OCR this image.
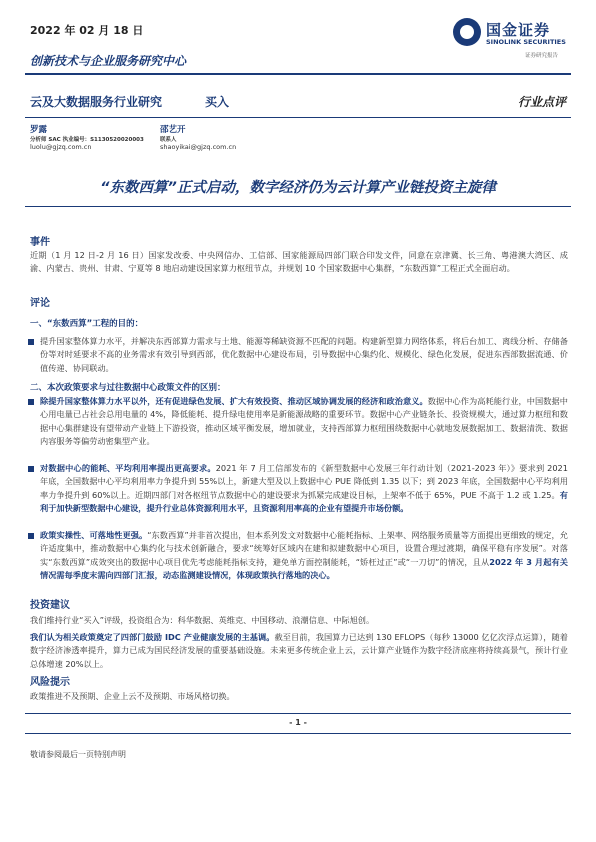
2022 年 02 月 18 日	国金证券
SINOLINK SECURITIES
证券研究报告
创新技术与企业服务研究中心
云及大数据服务行业研究	买入	行业点评
罗露
分析师 SAC 执业编号：S1130520020003
luolu@gjzq.com.cn
邵艺开
联系人
shaoyikai@gjzq.com.cn
“东数西算”正式启动，数字经济仍为云计算产业链投资主旋律
事件
近期（1 月 12 日-2 月 16 日）国家发改委、中央网信办、工信部、国家能源局四部门联合印发文件，同意在京津冀、长三角、粤港澳大湾区、成渝、内蒙古、贵州、甘肃、宁夏等 8 地启动建设国家算力枢纽节点，并规划 10 个国家数据中心集群，“东数西算”工程正式全面启动。
评论
一、“东数西算”工程的目的：
提升国家整体算力水平，并解决东西部算力需求与土地、能源等稀缺资源不匹配的问题。构建新型算力网络体系，将后台加工、离线分析、存储备份等对时延要求不高的业务需求有效引导到西部，优化数据中心建设布局，引导数据中心集约化、规模化、绿色化发展，促进东西部数据流通、价值传递、协同联动。
二、本次政策要求与过往数据中心政策文件的区别：
除提升国家整体算力水平以外，还有促进绿色发展、扩大有效投资、推动区域协调发展的经济和政治意义。数据中心作为高耗能行业，中国数据中心用电量已占社会总用电量的 4%，降低能耗、提升绿电使用率是新能源战略的重要环节。数据中心产业链条长、投资规模大，通过算力枢纽和数据中心集群建设有望带动产业链上下游投资，推动区域平衡发展，增加就业，支持西部算力枢纽围绕数据中心就地发展数据加工、数据清洗、数据内容服务等偏劳动密集型产业。
对数据中心的能耗、平均利用率提出更高要求。2021 年 7 月工信部发布的《新型数据中心发展三年行动计划（2021-2023 年）》要求到 2021 年底，全国数据中心平均利用率力争提升到 55%以上，新建大型及以上数据中心 PUE 降低到 1.35 以下；到 2023 年底，全国数据中心平均利用率力争提升到 60%以上。近期四部门对各枢纽节点数据中心的建设要求为抓紧完成建设目标，上架率不低于 65%，PUE 不高于 1.2 或 1.25。有利于加快新型数据中心建设，提升行业总体资源利用水平，且资源利用率高的企业有望提升市场份额。
政策实操性、可落地性更强。“东数西算”并非首次提出，但本系列发文对数据中心能耗指标、上架率、网络服务质量等方面提出更细致的规定，允许适度集中，推动数据中心集约化与技术创新融合，要求“统筹好区域内在建和拟建数据中心项目，设置合理过渡期，确保平稳有序发展”。对落实“东数西算”成效突出的数据中心项目优先考虑能耗指标支持，避免单方面控制能耗，“矫枉过正”或“一刀切”的情况，且从2022 年 3 月起有关情况需每季度末需向四部门汇报，动态监测建设情况，体现政策执行落地的决心。
投资建议
我们维持行业“买入”评级，投资组合为：科华数据、英维克、中国移动、浪潮信息、中际旭创。
我们认为相关政策奠定了四部门鼓励 IDC 产业健康发展的主基调。截至目前，我国算力已达到 130 EFLOPS（每秒 13000 亿亿次浮点运算），随着数字经济渗透率提升，算力已成为国民经济发展的重要基础设施。未来更多传统企业上云，云计算产业链作为数字经济底座将持续高景气，预计行业总体增速 20%以上。
风险提示
政策推进不及预期、企业上云不及预期、市场风格切换。
- 1 -
敬请参阅最后一页特别声明
